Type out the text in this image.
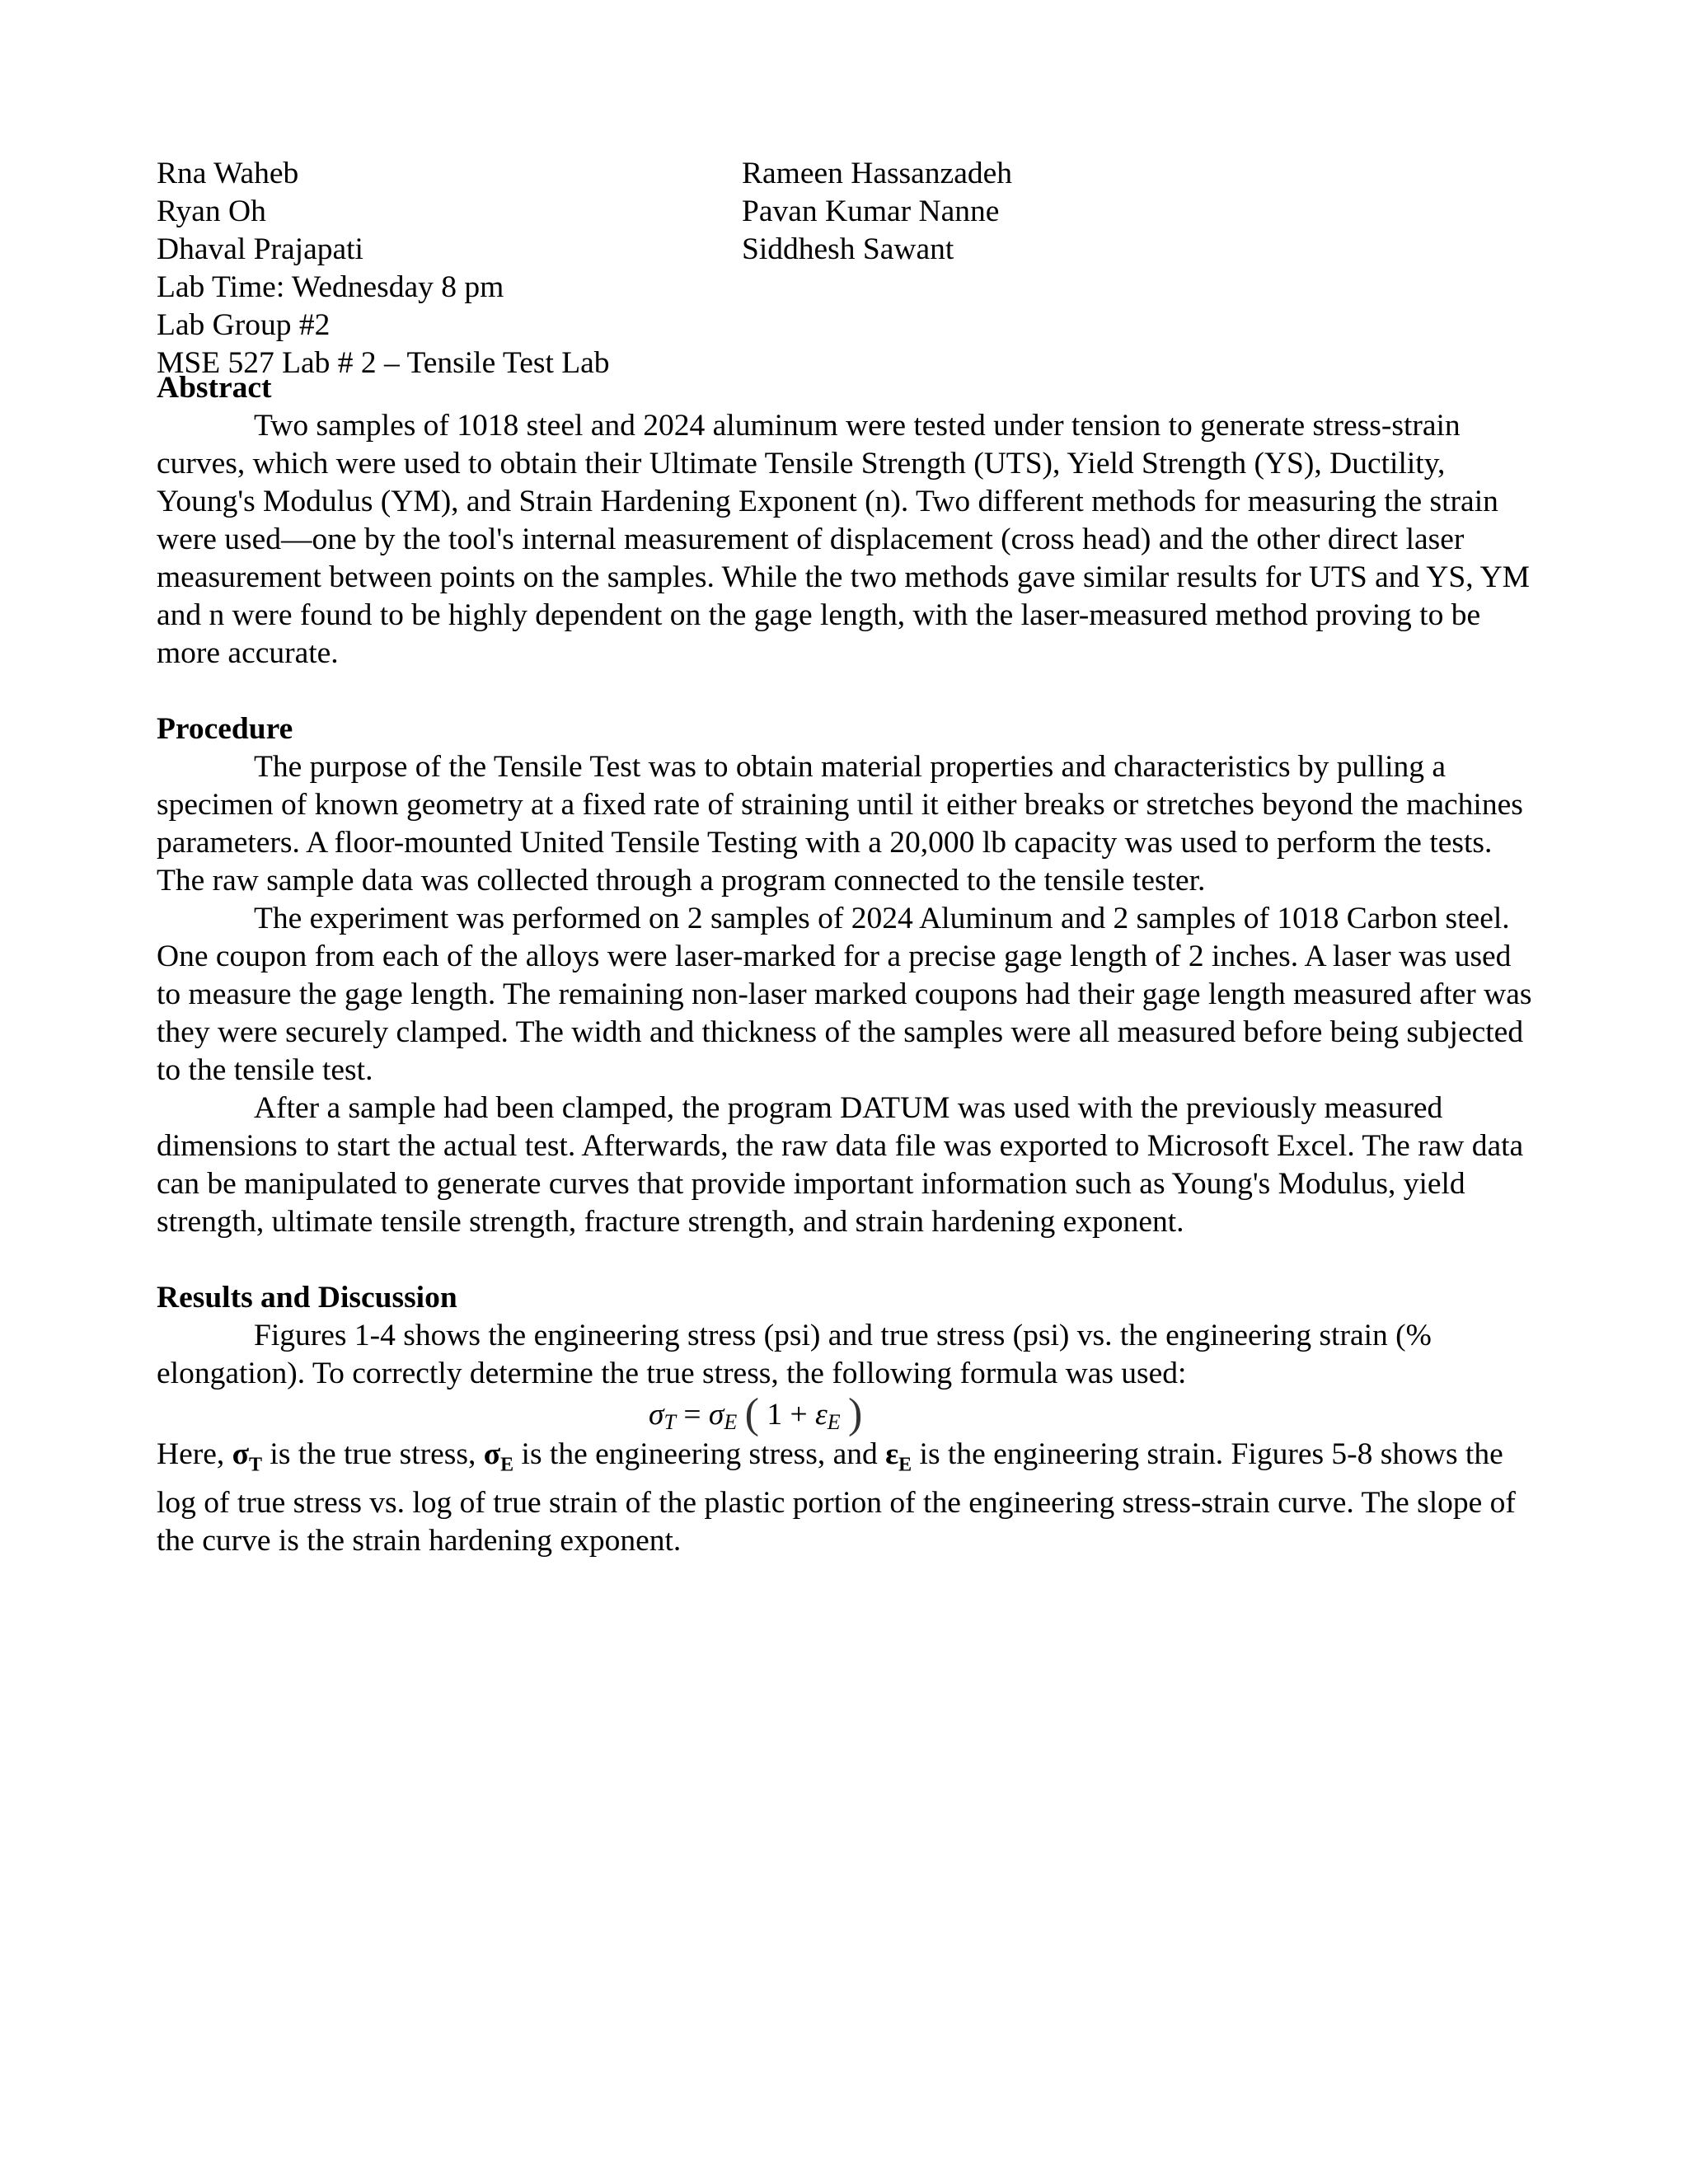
Rna Waheb
Ryan Oh
Dhaval Prajapati
Lab Time: Wednesday 8 pm
Lab Group #2
MSE 527 Lab # 2 – Tensile Test Lab
Rameen Hassanzadeh
Pavan Kumar Nanne
Siddhesh Sawant
Abstract

Two samples of 1018 steel and 2024 aluminum were tested under tension to generate stress-strain curves, which were used to obtain their Ultimate Tensile Strength (UTS), Yield Strength (YS), Ductility, Young's Modulus (YM), and Strain Hardening Exponent (n). Two different methods for measuring the strain were used—one by the tool's internal measurement of displacement (cross head) and the other direct laser measurement between points on the samples. While the two methods gave similar results for UTS and YS, YM and n were found to be highly dependent on the gage length, with the laser-measured method proving to be more accurate.

Procedure

The purpose of the Tensile Test was to obtain material properties and characteristics by pulling a specimen of known geometry at a fixed rate of straining until it either breaks or stretches beyond the machines parameters. A floor-mounted United Tensile Testing with a 20,000 lb capacity was used to perform the tests. The raw sample data was collected through a program connected to the tensile tester.

The experiment was performed on 2 samples of 2024 Aluminum and 2 samples of 1018 Carbon steel. One coupon from each of the alloys were laser-marked for a precise gage length of 2 inches. A laser was used to measure the gage length. The remaining non-laser marked coupons had their gage length measured after was they were securely clamped. The width and thickness of the samples were all measured before being subjected to the tensile test.

After a sample had been clamped, the program DATUM was used with the previously measured dimensions to start the actual test. Afterwards, the raw data file was exported to Microsoft Excel. The raw data can be manipulated to generate curves that provide important information such as Young's Modulus, yield strength, ultimate tensile strength, fracture strength, and strain hardening exponent.

Results and Discussion

Figures 1-4 shows the engineering stress (psi) and true stress (psi) vs. the engineering strain (% elongation). To correctly determine the true stress, the following formula was used:

$\sigma_T = \sigma_E$ ( $1 + \varepsilon_E$ )

Here, $\sigma_T$ is the true stress, $\sigma_E$ is the engineering stress, and $\varepsilon_E$ is the engineering strain. Figures 5-8 shows the log of true stress vs. log of true strain of the plastic portion of the engineering stress-strain curve. The slope of the curve is the strain hardening exponent.
